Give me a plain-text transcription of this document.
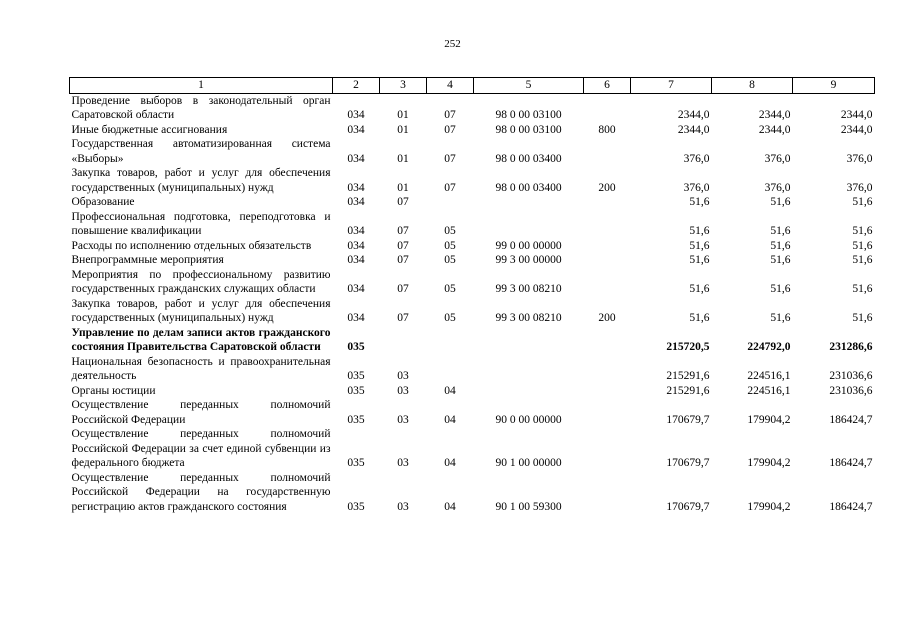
252
1	2	3	4	5	6	7	8	9
Проведение выборов в законодательный орган Саратовской области	034	01	07	98 0 00 03100		2344,0	2344,0	2344,0
Иные бюджетные ассигнования	034	01	07	98 0 00 03100	800	2344,0	2344,0	2344,0
Государственная автоматизированная система «Выборы»	034	01	07	98 0 00 03400		376,0	376,0	376,0
Закупка товаров, работ и услуг для обеспечения государственных (муниципальных) нужд	034	01	07	98 0 00 03400	200	376,0	376,0	376,0
Образование	034	07				51,6	51,6	51,6
Профессиональная подготовка, переподготовка и повышение квалификации	034	07	05			51,6	51,6	51,6
Расходы по исполнению отдельных обязательств	034	07	05	99 0 00 00000		51,6	51,6	51,6
Внепрограммные мероприятия	034	07	05	99 3 00 00000		51,6	51,6	51,6
Мероприятия по профессиональному развитию государственных гражданских служащих области	034	07	05	99 3 00 08210		51,6	51,6	51,6
Закупка товаров, работ и услуг для обеспечения государственных (муниципальных) нужд	034	07	05	99 3 00 08210	200	51,6	51,6	51,6
Управление по делам записи актов гражданского состояния Правительства Саратовской области	035					215720,5	224792,0	231286,6
Национальная безопасность и правоохранительная деятельность	035	03				215291,6	224516,1	231036,6
Органы юстиции	035	03	04			215291,6	224516,1	231036,6
Осуществление переданных полномочий Российской Федерации	035	03	04	90 0 00 00000		170679,7	179904,2	186424,7
Осуществление переданных полномочий Российской Федерации за счет единой субвенции из федерального бюджета	035	03	04	90 1 00 00000		170679,7	179904,2	186424,7
Осуществление переданных полномочий Российской Федерации на государственную регистрацию актов гражданского состояния	035	03	04	90 1 00 59300		170679,7	179904,2	186424,7
